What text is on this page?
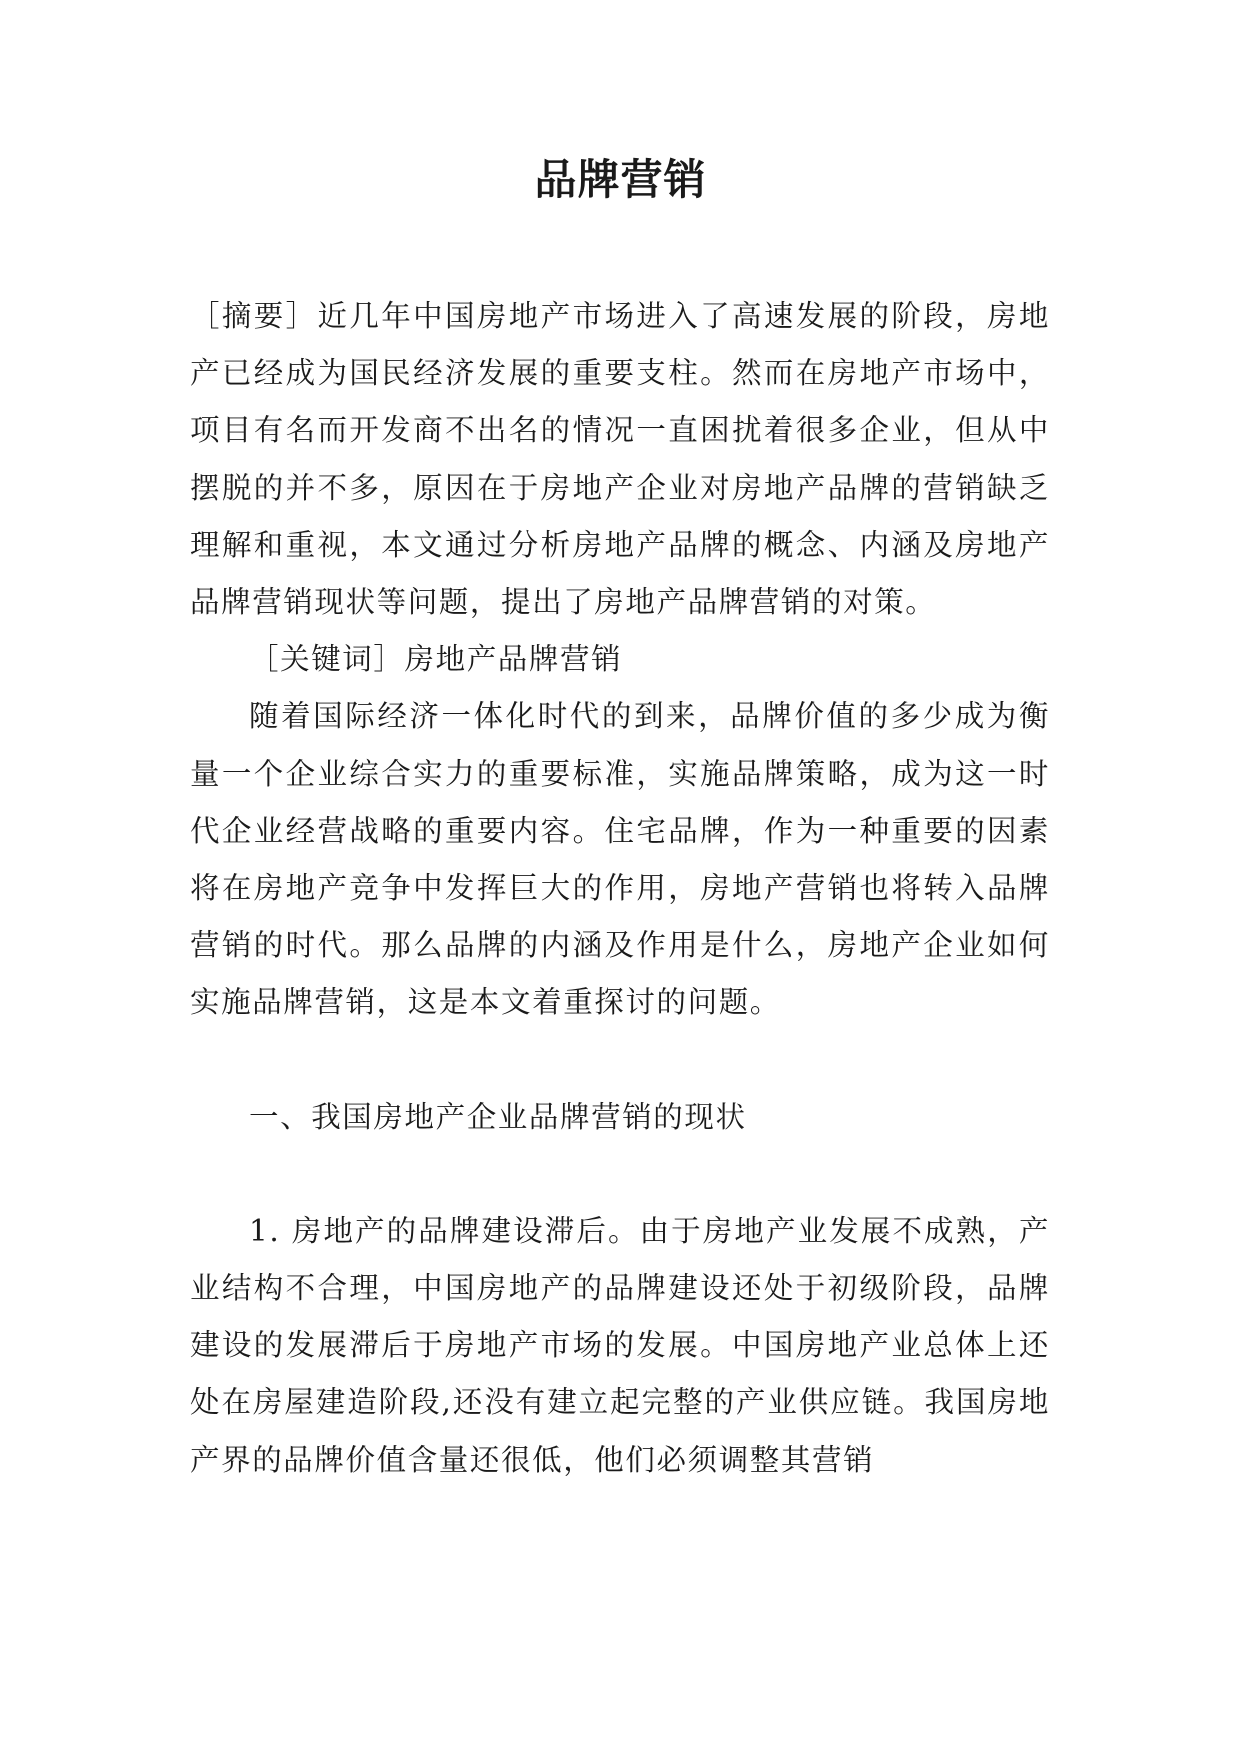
品牌营销

［摘要］近几年中国房地产市场进入了高速发展的阶段，房地产已经成为国民经济发展的重要支柱。然而在房地产市场中，项目有名而开发商不出名的情况一直困扰着很多企业，但从中摆脱的并不多，原因在于房地产企业对房地产品牌的营销缺乏理解和重视，本文通过分析房地产品牌的概念、内涵及房地产品牌营销现状等问题，提出了房地产品牌营销的对策。

［关键词］房地产品牌营销

随着国际经济一体化时代的到来，品牌价值的多少成为衡量一个企业综合实力的重要标准，实施品牌策略，成为这一时代企业经营战略的重要内容。住宅品牌，作为一种重要的因素将在房地产竞争中发挥巨大的作用，房地产营销也将转入品牌营销的时代。那么品牌的内涵及作用是什么，房地产企业如何实施品牌营销，这是本文着重探讨的问题。

一、我国房地产企业品牌营销的现状

1. 房地产的品牌建设滞后。由于房地产业发展不成熟，产业结构不合理，中国房地产的品牌建设还处于初级阶段，品牌建设的发展滞后于房地产市场的发展。中国房地产业总体上还处在房屋建造阶段,还没有建立起完整的产业供应链。我国房地产界的品牌价值含量还很低，他们必须调整其营销
